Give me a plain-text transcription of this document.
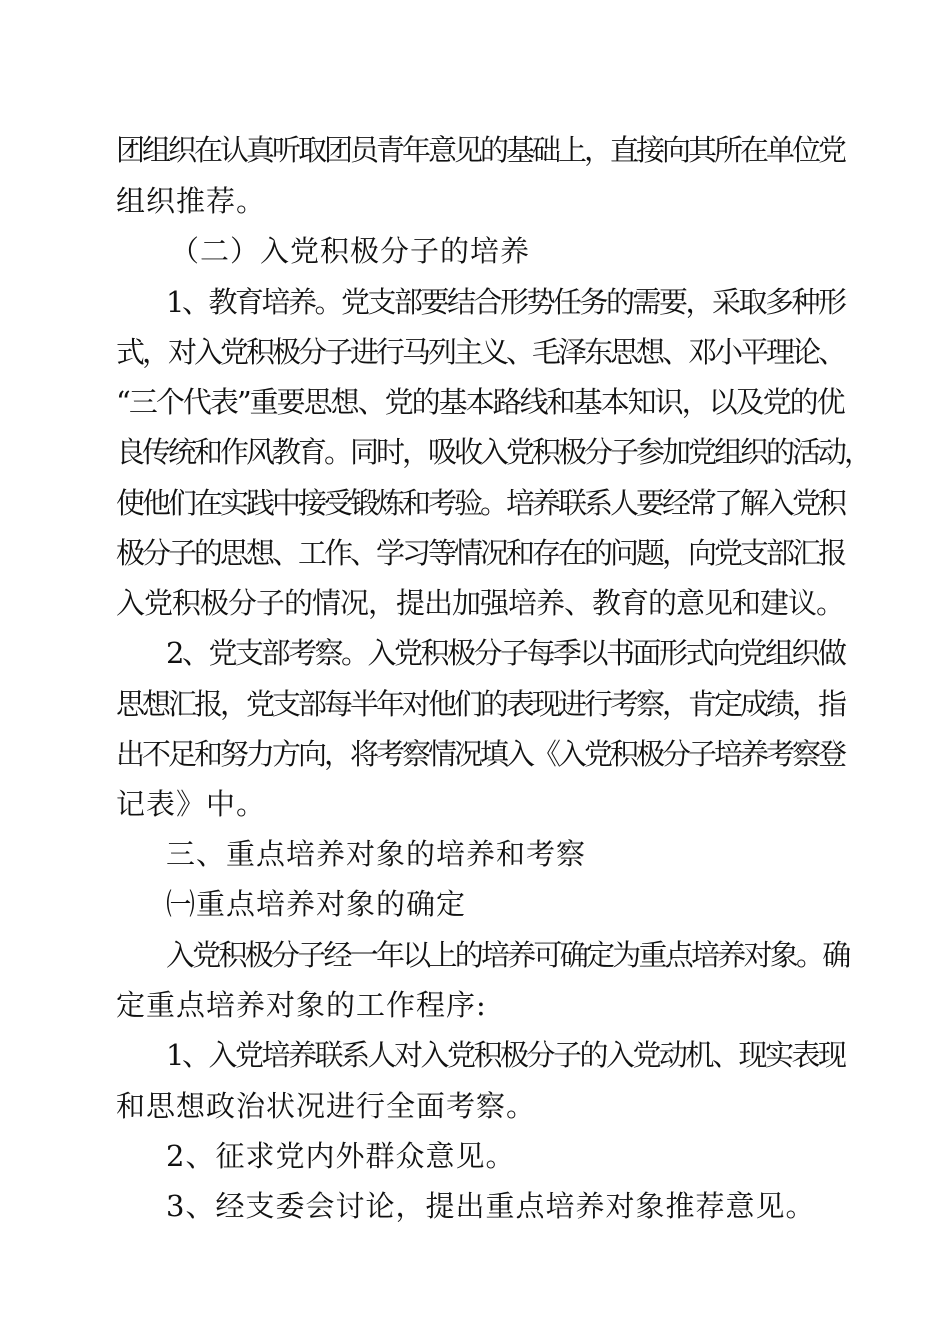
团组织在认真听取团员青年意见的基础上，直接向其所在单位党
组织推荐。
（二）入党积极分子的培养
1、教育培养。党支部要结合形势任务的需要，采取多种形
式，对入党积极分子进行马列主义、毛泽东思想、邓小平理论、
“三个代表”重要思想、党的基本路线和基本知识，以及党的优
良传统和作风教育。同时，吸收入党积极分子参加党组织的活动，
使他们在实践中接受锻炼和考验。培养联系人要经常了解入党积
极分子的思想、工作、学习等情况和存在的问题，向党支部汇报
入党积极分子的情况，提出加强培养、教育的意见和建议。
2、党支部考察。入党积极分子每季以书面形式向党组织做
思想汇报，党支部每半年对他们的表现进行考察，肯定成绩，指
出不足和努力方向，将考察情况填入《入党积极分子培养考察登
记表》中。
三、重点培养对象的培养和考察
㈠重点培养对象的确定
入党积极分子经一年以上的培养可确定为重点培养对象。确
定重点培养对象的工作程序:
1、入党培养联系人对入党积极分子的入党动机、现实表现
和思想政治状况进行全面考察。
2、征求党内外群众意见。
3、经支委会讨论，提出重点培养对象推荐意见。
